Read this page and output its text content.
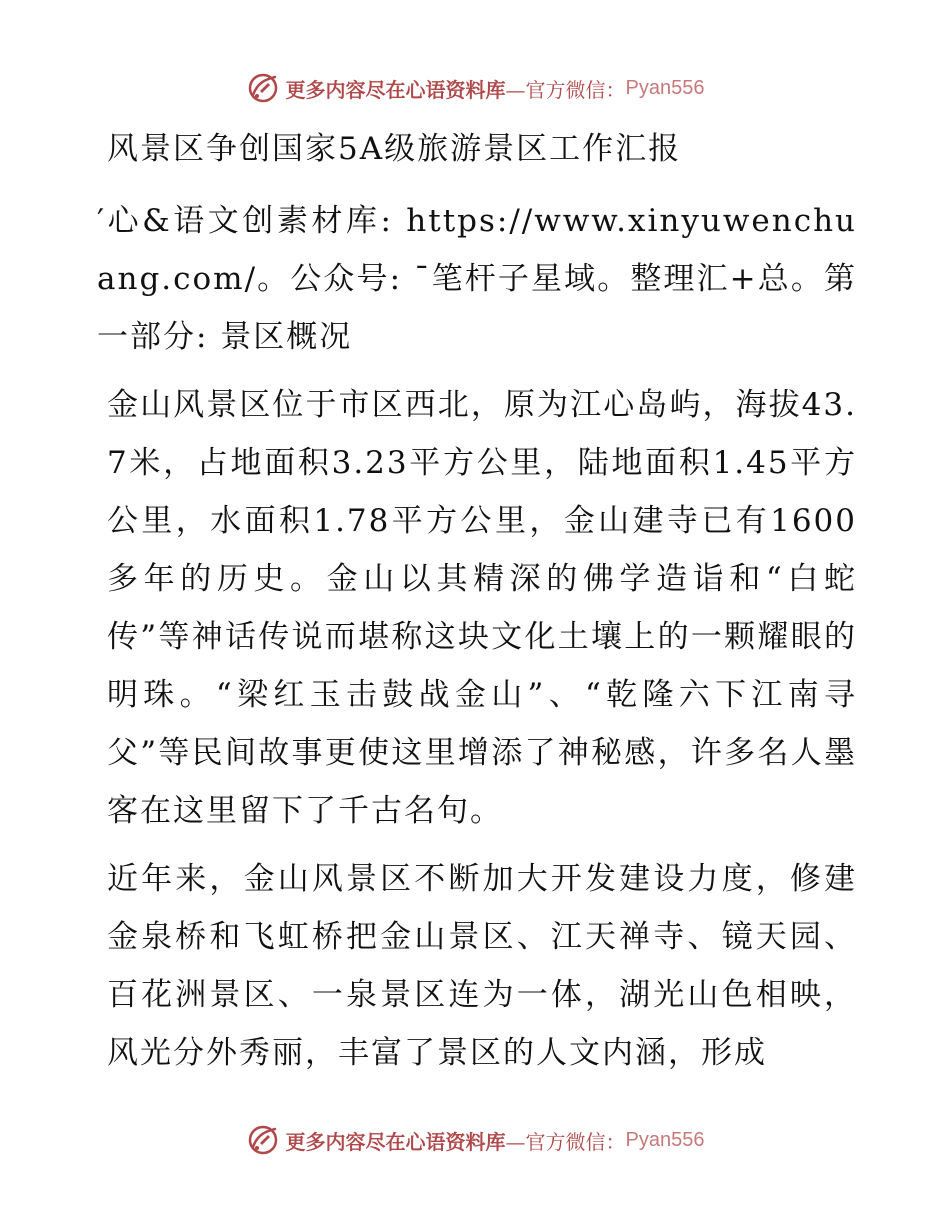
更多内容尽在心语资料库 —官方微信： Pyan556

风景区争创国家5A级旅游景区工作汇报

′心&语文创素材库: https://www.xinyuwenchuang.com/。公众号: ¯笔杆子星域。整理汇+总。第一部分: 景区概况

金山风景区位于市区西北，原为江心岛屿，海拔43.7米，占地面积3.23平方公里，陆地面积1.45平方公里，水面积1.78平方公里，金山建寺已有1600多年的历史。金山以其精深的佛学造诣和“白蛇传”等神话传说而堪称这块文化土壤上的一颗耀眼的明珠。“梁红玉击鼓战金山”、“乾隆六下江南寻父”等民间故事更使这里增添了神秘感，许多名人墨客在这里留下了千古名句。

近年来，金山风景区不断加大开发建设力度，修建金泉桥和飞虹桥把金山景区、江天禅寺、镜天园、百花洲景区、一泉景区连为一体，湖光山色相映，风光分外秀丽，丰富了景区的人文内涵，形成

更多内容尽在心语资料库 —官方微信： Pyan556
